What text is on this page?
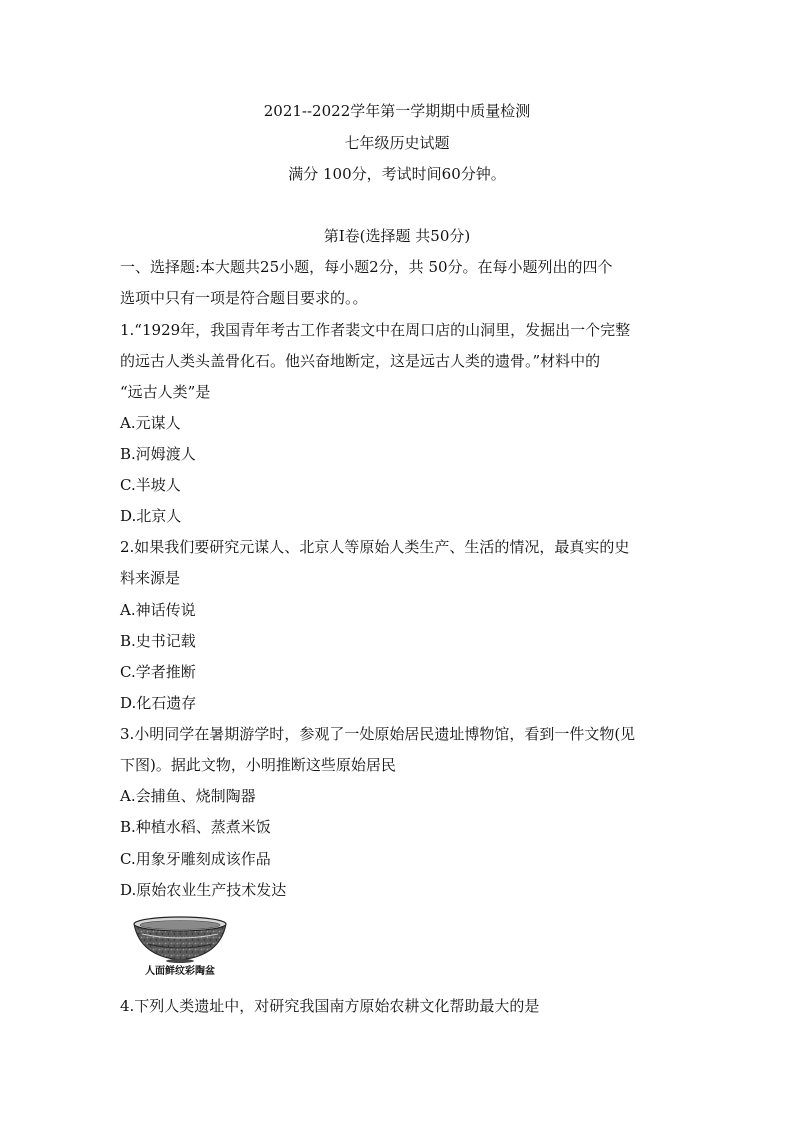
2021--2022学年第一学期期中质量检测
七年级历史试题
满分 100分，考试时间60分钟。
第Ⅰ卷(选择题 共50分)
一、选择题:本大题共25小题，每小题2分，共 50分。在每小题列出的四个
选项中只有一项是符合题目要求的。。
1.“1929年，我国青年考古工作者裴文中在周口店的山洞里，发掘出一个完整
的远古人类头盖骨化石。他兴奋地断定，这是远古人类的遗骨。”材料中的
“远古人类”是
A.元谋人
B.河姆渡人
C.半坡人
D.北京人
2.如果我们要研究元谋人、北京人等原始人类生产、生活的情况，最真实的史
料来源是
A.神话传说
B.史书记载
C.学者推断
D.化石遗存
3.小明同学在暑期游学时，参观了一处原始居民遗址博物馆，看到一件文物(见
下图)。据此文物，小明推断这些原始居民
A.会捕鱼、烧制陶器
B.种植水稻、蒸煮米饭
C.用象牙雕刻成该作品
D.原始农业生产技术发达
人面鲜纹彩陶盆
4.下列人类遗址中，对研究我国南方原始农耕文化帮助最大的是
